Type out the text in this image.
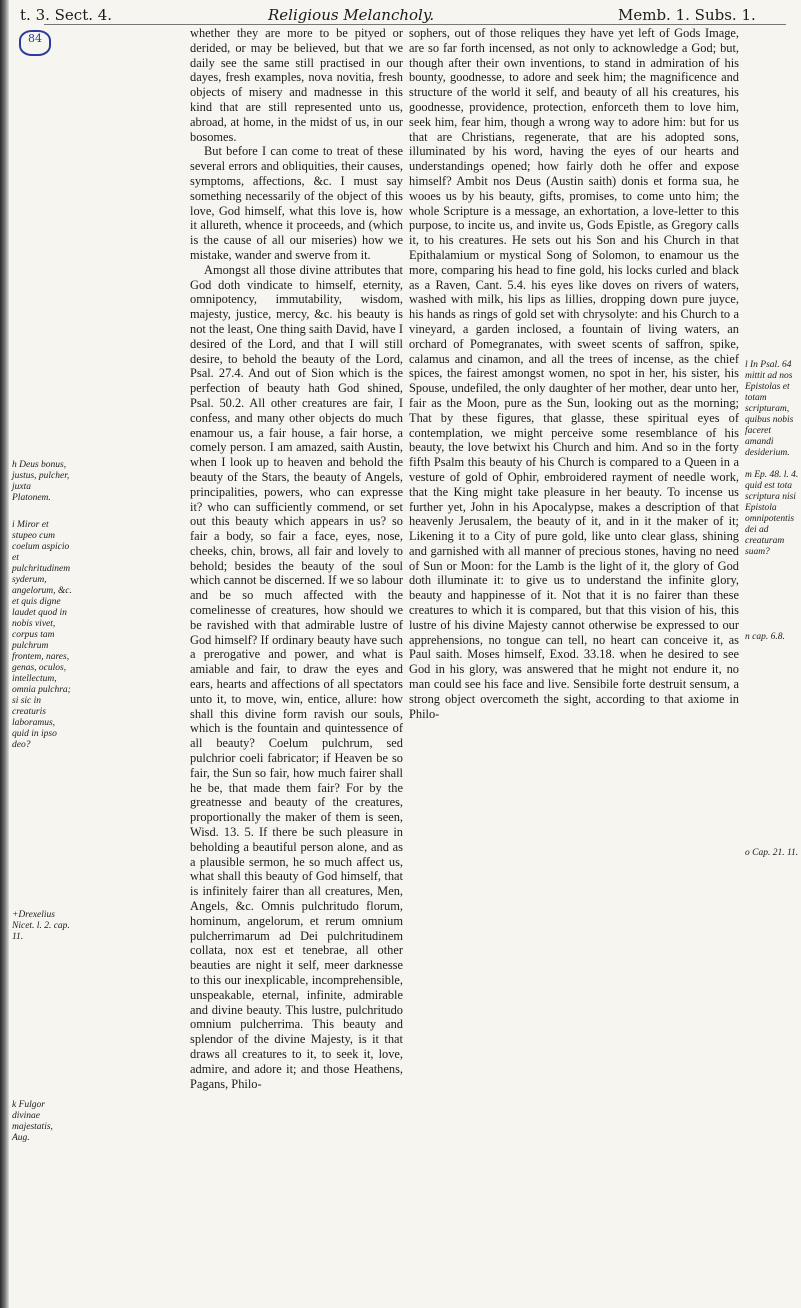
t. 3. Sect. 4.	Religious Melancholy.	Memb. 1. Subs. 1.
84
h Deus bonus, justus, pulcher, juxta Platonem.
i Miror et stupeo cum coelum aspicio et pulchritudinem syderum, angelorum, &c. et quis digne laudet quod in nobis vivet, corpus tam pulchrum frontem, nares, genas, oculos, intellectum, omnia pulchra; si sic in creaturis laboramus, quid in ipso deo?
+Drexelius Nicet. l. 2. cap. 11.
k Fulgor divinae majestatis, Aug.

whether they are more to be pityed or derided, or may be believed, but that we daily see the same still practised in our dayes, fresh examples, nova novitia, fresh objects of misery and madnesse in this kind that are still represented unto us, abroad, at home, in the midst of us, in our bosomes.

But before I can come to treat of these several errors and obliquities, their causes, symptoms, affections, &c. I must say something necessarily of the object of this love, God himself, what this love is, how it allureth, whence it proceeds, and (which is the cause of all our miseries) how we mistake, wander and swerve from it.

Amongst all those divine attributes that God doth vindicate to himself, eternity, omnipotency, immutability, wisdom, majesty, justice, mercy, &c. his beauty is not the least, One thing saith David, have I desired of the Lord, and that I will still desire, to behold the beauty of the Lord, Psal. 27.4. And out of Sion which is the perfection of beauty hath God shined, Psal. 50.2. All other creatures are fair, I confess, and many other objects do much enamour us, a fair house, a fair horse, a comely person. I am amazed, saith Austin, when I look up to heaven and behold the beauty of the Stars, the beauty of Angels, principalities, powers, who can expresse it? who can sufficiently commend, or set out this beauty which appears in us? so fair a body, so fair a face, eyes, nose, cheeks, chin, brows, all fair and lovely to behold; besides the beauty of the soul which cannot be discerned. If we so labour and be so much affected with the comelinesse of creatures, how should we be ravished with that admirable lustre of God himself? If ordinary beauty have such a prerogative and power, and what is amiable and fair, to draw the eyes and ears, hearts and affections of all spectators unto it, to move, win, entice, allure: how shall this divine form ravish our souls, which is the fountain and quintessence of all beauty? Coelum pulchrum, sed pulchrior coeli fabricator; if Heaven be so fair, the Sun so fair, how much fairer shall he be, that made them fair? For by the greatnesse and beauty of the creatures, proportionally the maker of them is seen, Wisd. 13. 5. If there be such pleasure in beholding a beautiful person alone, and as a plausible sermon, he so much affect us, what shall this beauty of God himself, that is infinitely fairer than all creatures, Men, Angels, &c. Omnis pulchritudo florum, hominum, angelorum, et rerum omnium pulcherrimarum ad Dei pulchritudinem collata, nox est et tenebrae, all other beauties are night it self, meer darknesse to this our inexplicable, incomprehensible, unspeakable, eternal, infinite, admirable and divine beauty. This lustre, pulchritudo omnium pulcherrima. This beauty and splendor of the divine Majesty, is it that draws all creatures to it, to seek it, love, admire, and adore it; and those Heathens, Pagans, Philo-

sophers, out of those reliques they have yet left of Gods Image, are so far forth incensed, as not only to acknowledge a God; but, though after their own inventions, to stand in admiration of his bounty, goodnesse, to adore and seek him; the magnificence and structure of the world it self, and beauty of all his creatures, his goodnesse, providence, protection, enforceth them to love him, seek him, fear him, though a wrong way to adore him: but for us that are Christians, regenerate, that are his adopted sons, illuminated by his word, having the eyes of our hearts and understandings opened; how fairly doth he offer and expose himself? Ambit nos Deus (Austin saith) donis et forma sua, he wooes us by his beauty, gifts, promises, to come unto him; the whole Scripture is a message, an exhortation, a love-letter to this purpose, to incite us, and invite us, Gods Epistle, as Gregory calls it, to his creatures. He sets out his Son and his Church in that Epithalamium or mystical Song of Solomon, to enamour us the more, comparing his head to fine gold, his locks curled and black as a Raven, Cant. 5.4. his eyes like doves on rivers of waters, washed with milk, his lips as lillies, dropping down pure juyce, his hands as rings of gold set with chrysolyte: and his Church to a vineyard, a garden inclosed, a fountain of living waters, an orchard of Pomegranates, with sweet scents of saffron, spike, calamus and cinamon, and all the trees of incense, as the chief spices, the fairest amongst women, no spot in her, his sister, his Spouse, undefiled, the only daughter of her mother, dear unto her, fair as the Moon, pure as the Sun, looking out as the morning; That by these figures, that glasse, these spiritual eyes of contemplation, we might perceive some resemblance of his beauty, the love betwixt his Church and him. And so in the forty fifth Psalm this beauty of his Church is compared to a Queen in a vesture of gold of Ophir, embroidered rayment of needle work, that the King might take pleasure in her beauty. To incense us further yet, John in his Apocalypse, makes a description of that heavenly Jerusalem, the beauty of it, and in it the maker of it; Likening it to a City of pure gold, like unto clear glass, shining and garnished with all manner of precious stones, having no need of Sun or Moon: for the Lamb is the light of it, the glory of God doth illuminate it: to give us to understand the infinite glory, beauty and happinesse of it. Not that it is no fairer than these creatures to which it is compared, but that this vision of his, this lustre of his divine Majesty cannot otherwise be expressed to our apprehensions, no tongue can tell, no heart can conceive it, as Paul saith. Moses himself, Exod. 33.18. when he desired to see God in his glory, was answered that he might not endure it, no man could see his face and live. Sensibile forte destruit sensum, a strong object overcometh the sight, according to that axiome in Philo-

l In Psal. 64 mittit ad nos Epistolas et totam scripturam, quibus nobis faceret amandi desiderium.
m Ep. 48. l. 4. quid est tota scriptura nisi Epistola omnipotentis dei ad creaturam suam?
n cap. 6.8.
o Cap. 21. 11.
